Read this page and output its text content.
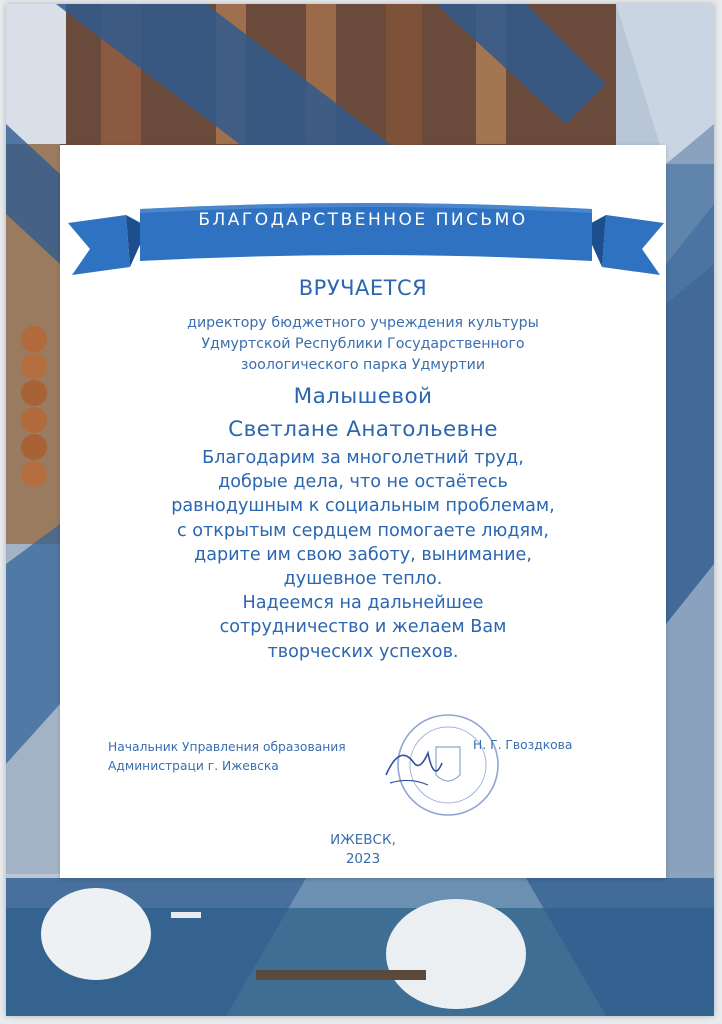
БЛАГОДАРСТВЕННОЕ ПИСЬМО
ВРУЧАЕТСЯ
директору бюджетного учреждения культуры
Удмуртской Республики Государственного
зоологического парка Удмуртии
Малышевой
Светлане Анатольевне
Благодарим за многолетний труд,
добрые дела, что не остаётесь
равнодушным к социальным проблемам,
с открытым сердцем помогаете людям,
дарите им свою заботу, вынимание,
душевное тепло.
Надеемся на дальнейшее
сотрудничество и желаем Вам
творческих успехов.
Начальник Управления образования
Администраци г. Ижевска
Н. Г. Гвоздкова
ИЖЕВСК,
2023
